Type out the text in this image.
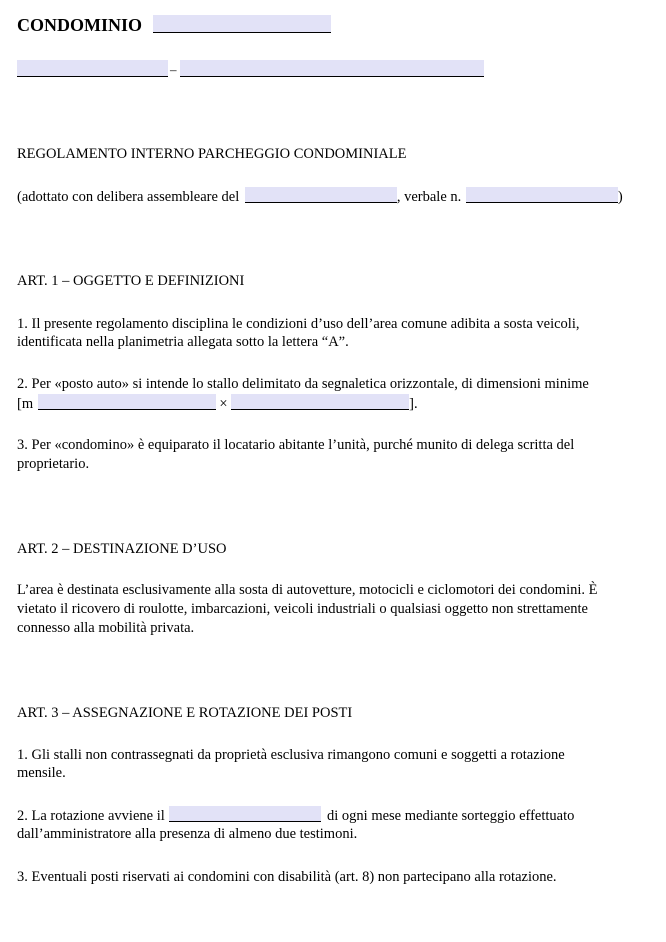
CONDOMINIO
–
REGOLAMENTO INTERNO PARCHEGGIO CONDOMINIALE
(adottato con delibera assembleare del	, verbale n.	)
ART. 1 – OGGETTO E DEFINIZIONI
1. Il presente regolamento disciplina le condizioni d’uso dell’area comune adibita a sosta veicoli,
identificata nella planimetria allegata sotto la lettera “A”.
2. Per «posto auto» si intende lo stallo delimitato da segnaletica orizzontale, di dimensioni minime
[m	×	].
3. Per «condomino» è equiparato il locatario abitante l’unità, purché munito di delega scritta del
proprietario.
ART. 2 – DESTINAZIONE D’USO
L’area è destinata esclusivamente alla sosta di autovetture, motocicli e ciclomotori dei condomini. È
vietato il ricovero di roulotte, imbarcazioni, veicoli industriali o qualsiasi oggetto non strettamente
connesso alla mobilità privata.
ART. 3 – ASSEGNAZIONE E ROTAZIONE DEI POSTI
1. Gli stalli non contrassegnati da proprietà esclusiva rimangono comuni e soggetti a rotazione
mensile.
2. La rotazione avviene il	di ogni mese mediante sorteggio effettuato
dall’amministratore alla presenza di almeno due testimoni.
3. Eventuali posti riservati ai condomini con disabilità (art. 8) non partecipano alla rotazione.
